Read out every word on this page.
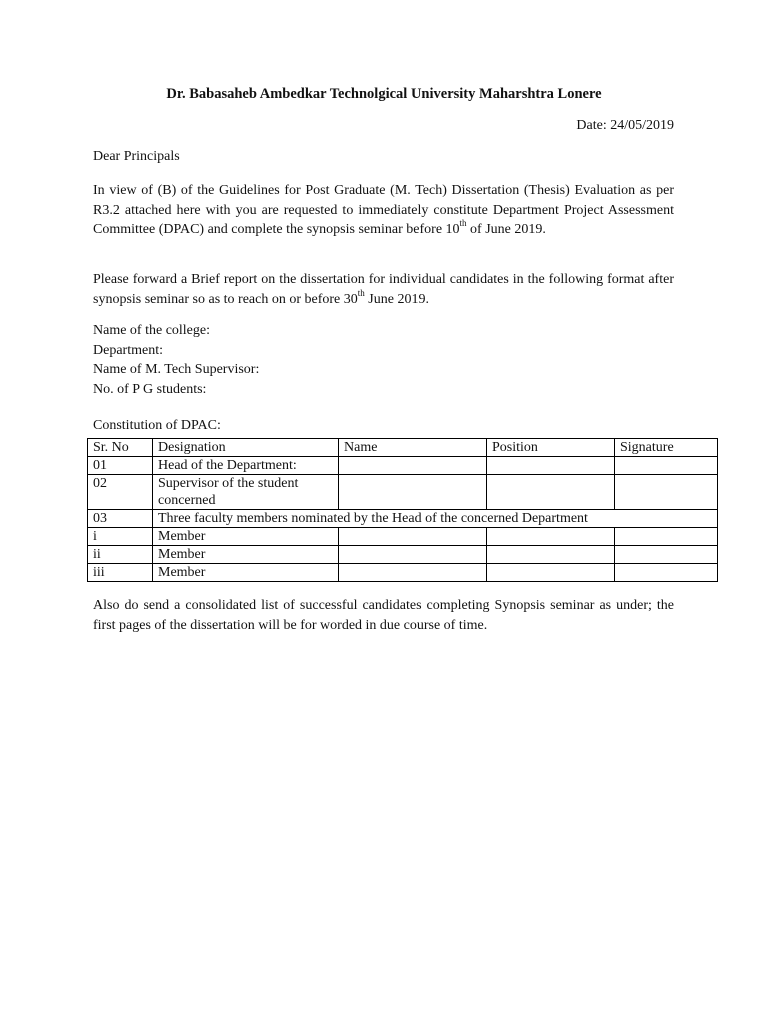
Dr. Babasaheb Ambedkar Technolgical University Maharshtra Lonere
Date: 24/05/2019
Dear Principals
In view of (B) of the Guidelines for Post Graduate (M. Tech) Dissertation (Thesis) Evaluation as per R3.2 attached here with you are requested to immediately constitute Department Project Assessment Committee (DPAC) and complete the synopsis seminar before 10th of June 2019.
Please forward a Brief report on the dissertation for individual candidates in the following format after synopsis seminar so as to reach on or before 30th June 2019.
Name of the college:
Department:
Name of M. Tech Supervisor:
No. of P G students:
Constitution of DPAC:
Sr. No	Designation	Name	Position	Signature
01	Head of the Department:			
02	Supervisor of the student concerned			
03	Three faculty members nominated by the Head of the concerned Department			
i	Member			
ii	Member			
iii	Member			
Also do send a consolidated list of successful candidates completing Synopsis seminar as under; the first pages of the dissertation will be for worded in due course of time.
